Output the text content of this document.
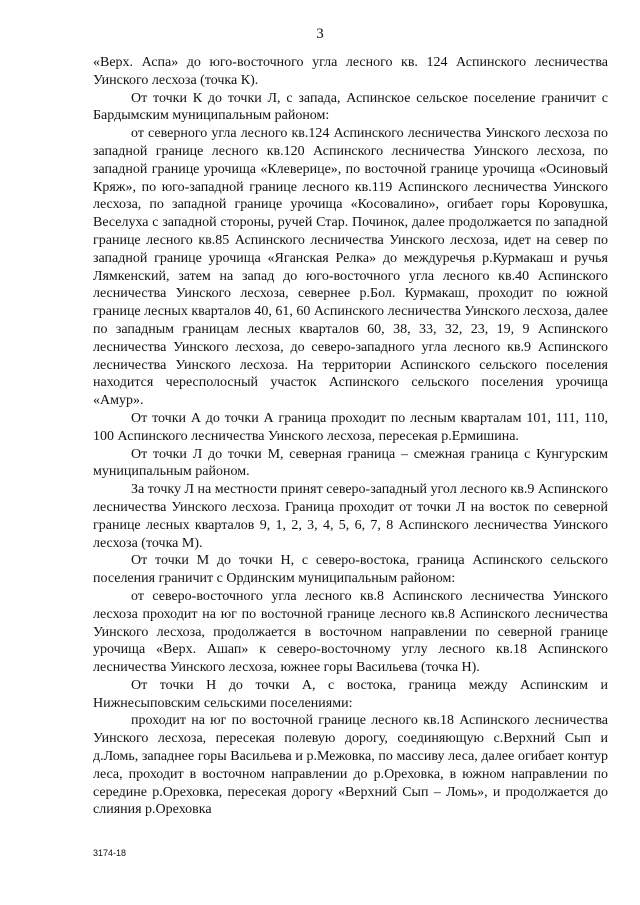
3

«Верх. Аспа» до юго-восточного угла лесного кв. 124 Аспинского лесничества Уинского лесхоза (точка К).

От точки К до точки Л, с запада, Аспинское сельское поселение граничит с Бардымским муниципальным районом:

от северного угла лесного кв.124 Аспинского лесничества Уинского лесхоза по западной границе лесного кв.120 Аспинского лесничества Уинского лесхоза, по западной границе урочища «Клеверице», по восточной границе урочища «Осиновый Кряж», по юго-западной границе лесного кв.119 Аспинского лесничества Уинского лесхоза, по западной границе урочища «Косовалино», огибает горы Коровушка, Веселуха с западной стороны, ручей Стар. Починок, далее продолжается по западной границе лесного кв.85 Аспинского лесничества Уинского лесхоза, идет на север по западной границе урочища «Яганская Релка» до междуречья р.Курмакаш и ручья Лямкенский, затем на запад до юго-восточного угла лесного кв.40 Аспинского лесничества Уинского лесхоза, севернее р.Бол. Курмакаш, проходит по южной границе лесных кварталов 40, 61, 60 Аспинского лесничества Уинского лесхоза, далее по западным границам лесных кварталов 60, 38, 33, 32, 23, 19, 9 Аспинского лесничества Уинского лесхоза, до северо-западного угла лесного кв.9 Аспинского лесничества Уинского лесхоза. На территории Аспинского сельского поселения находится чересполосный участок Аспинского сельского поселения урочища «Амур».

От точки А до точки А граница проходит по лесным кварталам 101, 111, 110, 100 Аспинского лесничества Уинского лесхоза, пересекая р.Ермишина.

От точки Л до точки М, северная граница – смежная граница с Кунгурским муниципальным районом.

За точку Л на местности принят северо-западный угол лесного кв.9 Аспинского лесничества Уинского лесхоза. Граница проходит от точки Л на восток по северной границе лесных кварталов 9, 1, 2, 3, 4, 5, 6, 7, 8 Аспинского лесничества Уинского лесхоза (точка М).

От точки М до точки Н, с северо-востока, граница Аспинского сельского поселения граничит с Ординским муниципальным районом:

от северо-восточного угла лесного кв.8 Аспинского лесничества Уинского лесхоза проходит на юг по восточной границе лесного кв.8 Аспинского лесничества Уинского лесхоза, продолжается в восточном направлении по северной границе урочища «Верх. Ашап» к северо-восточному углу лесного кв.18 Аспинского лесничества Уинского лесхоза, южнее горы Васильева (точка Н).

От точки Н до точки А, с востока, граница между Аспинским и Нижнесыповским сельскими поселениями:

проходит на юг по восточной границе лесного кв.18 Аспинского лесничества Уинского лесхоза, пересекая полевую дорогу, соединяющую с.Верхний Сып и д.Ломь, западнее горы Васильева и р.Межовка, по массиву леса, далее огибает контур леса, проходит в восточном направлении до р.Ореховка, в южном направлении по середине р.Ореховка, пересекая дорогу «Верхний Сып – Ломь», и продолжается до слияния р.Ореховка

3174-18
